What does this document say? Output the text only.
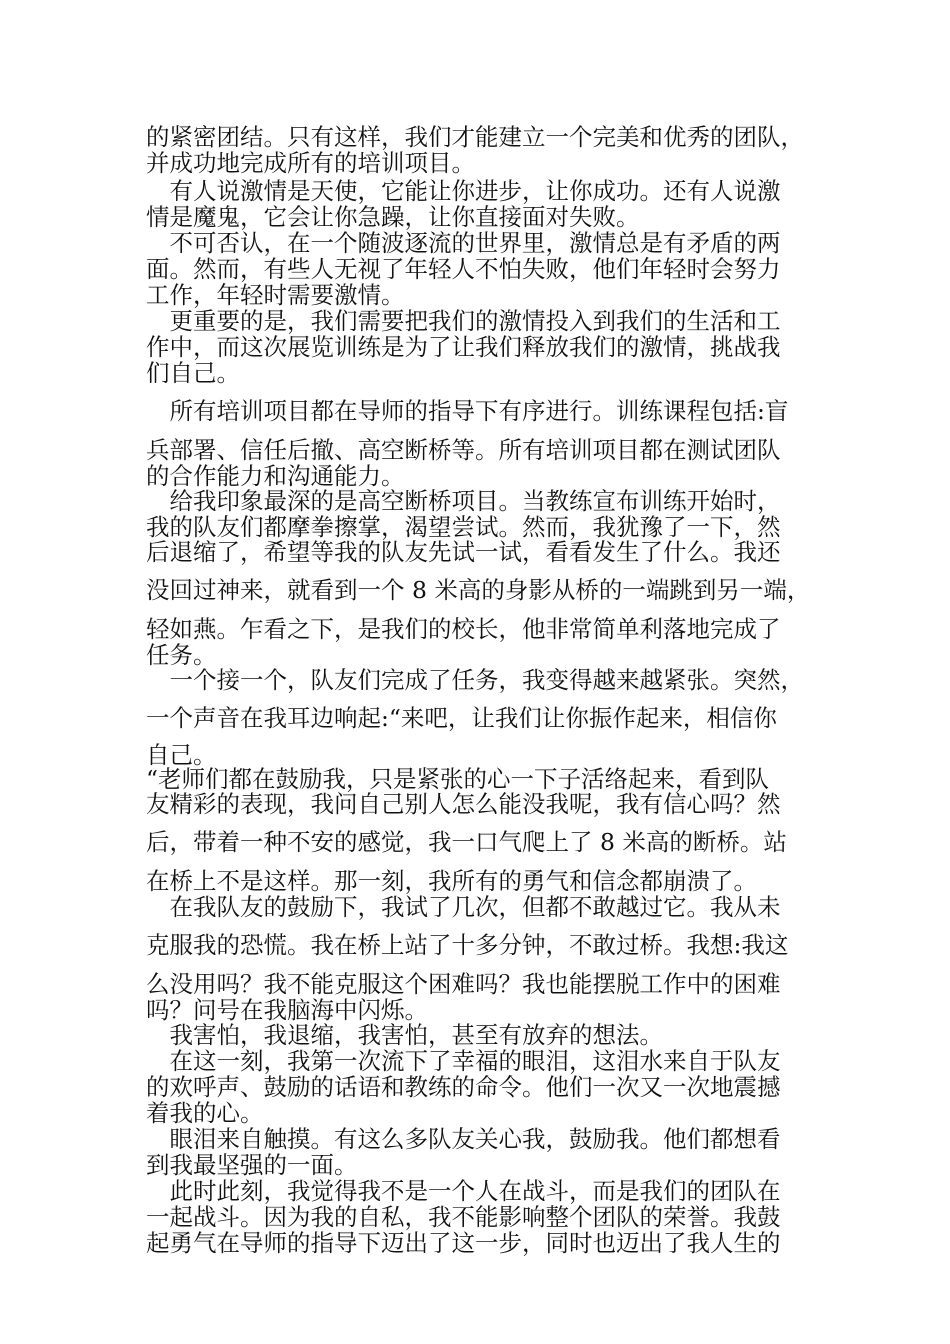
的紧密团结。只有这样，我们才能建立一个完美和优秀的团队，

并成功地完成所有的培训项目。

　有人说激情是天使，它能让你进步，让你成功。还有人说激

情是魔鬼，它会让你急躁，让你直接面对失败。

　不可否认，在一个随波逐流的世界里，激情总是有矛盾的两

面。然而，有些人无视了年轻人不怕失败，他们年轻时会努力

工作，年轻时需要激情。

　更重要的是，我们需要把我们的激情投入到我们的生活和工

作中，而这次展览训练是为了让我们释放我们的激情，挑战我

们自己。

　所有培训项目都在导师的指导下有序进行。训练课程包括:盲

兵部署、信任后撤、高空断桥等。所有培训项目都在测试团队

的合作能力和沟通能力。

　给我印象最深的是高空断桥项目。当教练宣布训练开始时，

我的队友们都摩拳擦掌，渴望尝试。然而，我犹豫了一下，然

后退缩了，希望等我的队友先试一试，看看发生了什么。我还

没回过神来，就看到一个 8 米高的身影从桥的一端跳到另一端，

轻如燕。乍看之下，是我们的校长，他非常简单利落地完成了

任务。

　一个接一个，队友们完成了任务，我变得越来越紧张。突然，

一个声音在我耳边响起:“来吧，让我们让你振作起来，相信你

自己。

“老师们都在鼓励我，只是紧张的心一下子活络起来，看到队

友精彩的表现，我问自己别人怎么能没我呢，我有信心吗？然

后，带着一种不安的感觉，我一口气爬上了 8 米高的断桥。站

在桥上不是这样。那一刻，我所有的勇气和信念都崩溃了。

　在我队友的鼓励下，我试了几次，但都不敢越过它。我从未

克服我的恐慌。我在桥上站了十多分钟，不敢过桥。我想:我这

么没用吗？我不能克服这个困难吗？我也能摆脱工作中的困难

吗？问号在我脑海中闪烁。

　我害怕，我退缩，我害怕，甚至有放弃的想法。

　在这一刻，我第一次流下了幸福的眼泪，这泪水来自于队友

的欢呼声、鼓励的话语和教练的命令。他们一次又一次地震撼

着我的心。

　眼泪来自触摸。有这么多队友关心我，鼓励我。他们都想看

到我最坚强的一面。

　此时此刻，我觉得我不是一个人在战斗，而是我们的团队在

一起战斗。因为我的自私，我不能影响整个团队的荣誉。我鼓

起勇气在导师的指导下迈出了这一步，同时也迈出了我人生的
